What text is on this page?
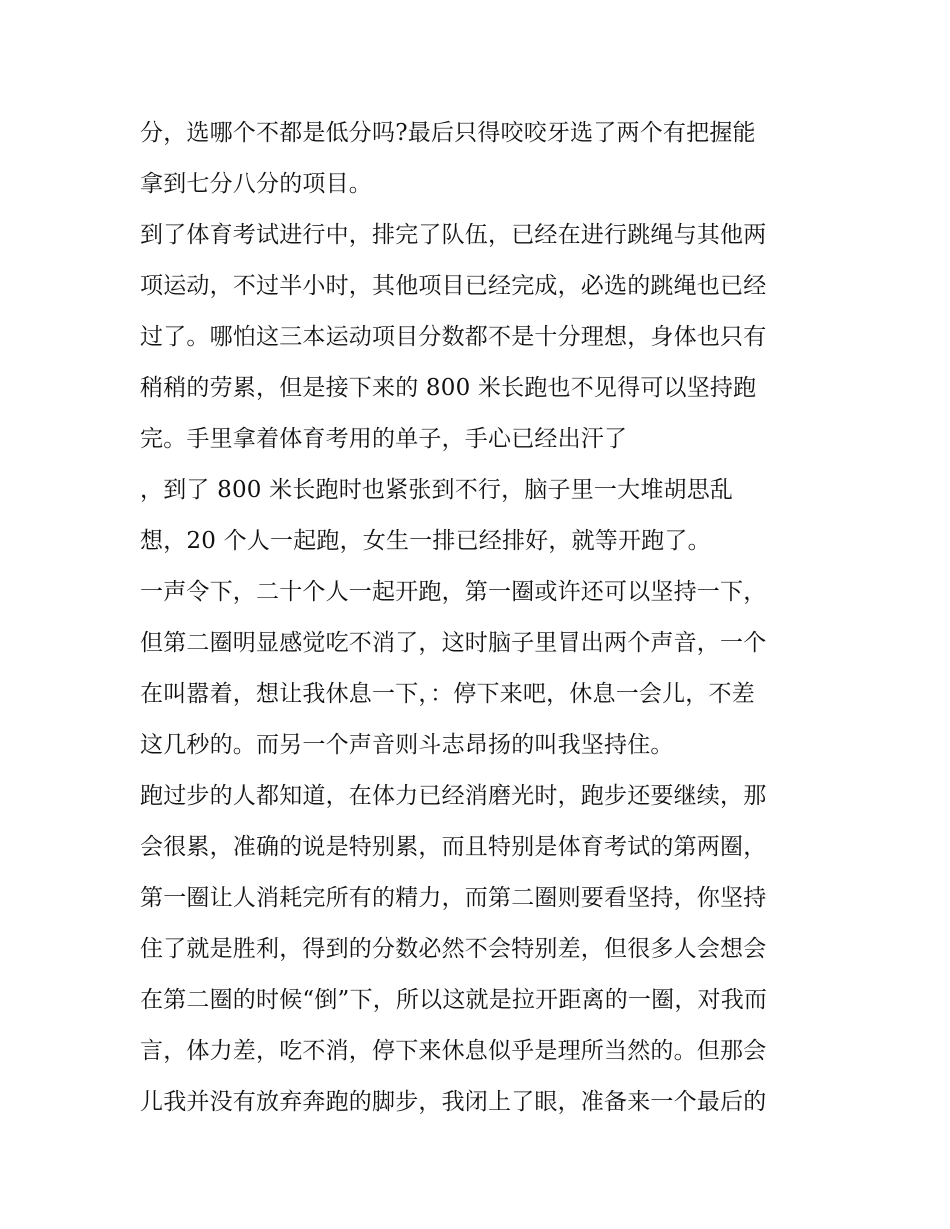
分，选哪个不都是低分吗?最后只得咬咬牙选了两个有把握能
拿到七分八分的项目。
到了体育考试进行中，排完了队伍，已经在进行跳绳与其他两
项运动，不过半小时，其他项目已经完成，必选的跳绳也已经
过了。哪怕这三本运动项目分数都不是十分理想，身体也只有
稍稍的劳累，但是接下来的 800 米长跑也不见得可以坚持跑
完。手里拿着体育考用的单子，手心已经出汗了
，到了 800 米长跑时也紧张到不行，脑子里一大堆胡思乱
想，20 个人一起跑，女生一排已经排好，就等开跑了。
一声令下，二十个人一起开跑，第一圈或许还可以坚持一下，
但第二圈明显感觉吃不消了，这时脑子里冒出两个声音，一个
在叫嚣着，想让我休息一下，：停下来吧，休息一会儿，不差
这几秒的。而另一个声音则斗志昂扬的叫我坚持住。
跑过步的人都知道，在体力已经消磨光时，跑步还要继续，那
会很累，准确的说是特别累，而且特别是体育考试的第两圈，
第一圈让人消耗完所有的精力，而第二圈则要看坚持，你坚持
住了就是胜利，得到的分数必然不会特别差，但很多人会想会
在第二圈的时候“倒”下，所以这就是拉开距离的一圈，对我而
言，体力差，吃不消，停下来休息似乎是理所当然的。但那会
儿我并没有放弃奔跑的脚步，我闭上了眼，准备来一个最后的
